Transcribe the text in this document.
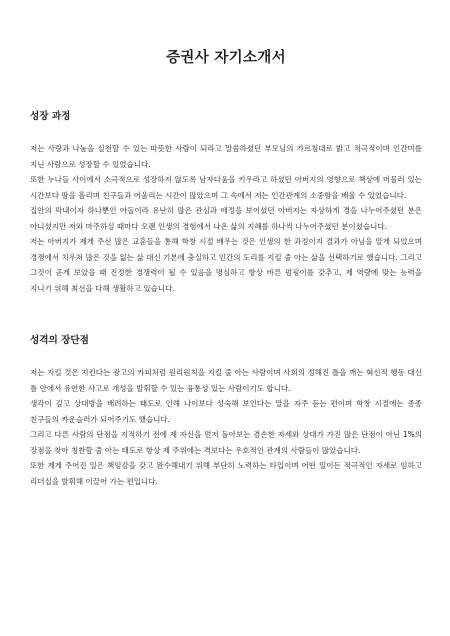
증권사 자기소개서
성장 과정

저는 사랑과 나눔을 실천할 수 있는 따뜻한 사람이 되라고 말씀하셨던 부모님의 가르침대로 밝고 적극적이며 인간미를 지닌 사람으로 성장할 수 있었습니다.

또한 누나들 사이에서 소극적으로 성장하지 않도록 남자다움을 키우라고 하셨던 아버지의 영향으로 책상에 머물러 있는 시간보다 땀을 흘리며 친구들과 어울리는 시간이 많았으며 그 속에서 저는 인간관계의 소중함을 배울 수 있었습니다.

집안의 막내이자 하나뿐인 아들이라 유난히 많은 관심과 애정을 보이셨던 아버지는 자상하게 경을 나누어주셨던 분은 아니셨지만 저와 마주하실 때마다 오랜 인생의 경험에서 나온 삶의 지혜를 하나씩 나누어주셨던 분이셨습니다.

저는 아버지가 제게 주신 많은 교훈들을 통해 학창 시절 배우는 것은 인생의 한 과정이지 결과가 아님을 알게 되었으며 경쟁에서 치우쳐 많은 것을 잃는 삶 대신 기본에 충실하고 인간의 도리를 지킬 줄 아는 삶을 선택하기로 했습니다. 그리고 그것이 곧게 보았을 때 진정한 경쟁력이 될 수 있음을 명심하고 항상 바른 펌핑이를 갖추고, 제 역량에 맞는 능력을 지니기 위해 최선을 다해 생활하고 있습니다.

성격의 장단점

저는 지킬 것은 지킨다는 광고의 카피처럼 원리원칙을 지킬 줄 아는 사람이며 사회의 정해진 틀을 깨는 혁신적 행동 대신 틀 안에서 유연한 사고로 개성을 발휘할 수 있는 융통성 있는 사람이기도 합니다.

생각이 깊고 상대방을 배려하는 태도로 인해 나이보다 성숙해 보인다는 말을 자주 듣는 편이며 학창 시절에는 종종 친구들의 카운슬러가 되어주기도 했습니다.

그리고 다른 사람의 단점을 지적하기 전에 제 자신을 먼저 돌아보는 겸손한 자세와 상대가 가진 많은 단점이 아닌 1%의 장점을 찾아 칭찬할 줄 아는 태도로 항상 제 주위에는 격보다는 우호적인 관계의 사람들이 많았습니다.

또한 제게 주어진 일은 책임감을 갖고 완수해내기 위해 부단히 노력하는 타입이며 어떤 일이든 적극적인 자세로 임하고 리더십을 발휘해 이끌어 가는 편입니다.
